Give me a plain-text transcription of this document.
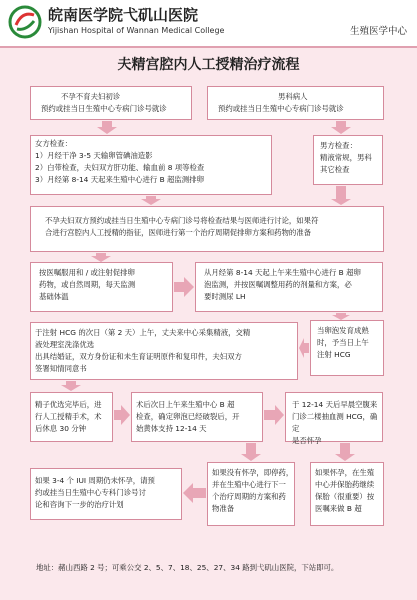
皖南医学院弋矶山医院
Yijishan Hospital of Wannan Medical College	生殖医学中心
夫精宫腔内人工授精治疗流程

不孕不育夫妇初诊

预约或挂当日生殖中心专病门诊号就诊

男科病人

预约或挂当日生殖中心专病门诊号就诊

女方检查：

1）月经干净 3-5 天输卵管碘油造影

2）白带检查，夫妇双方肝功能、输血前 8 项等检查

3）月经第 8-14 天起来生殖中心进行 B 超监测排卵

男方检查：

精液常规，男科

其它检查

不孕夫妇双方预约或挂当日生殖中心专病门诊号将检查结果与医师进行讨论，如果符

合进行宫腔内人工授精的指征，医师进行第一个治疗周期促排卵方案和药物的准备

按医嘱服用和 / 或注射促排卵

药物，或自然周期，每天监测

基础体温

从月经第 8-14 天起上午来生殖中心进行 B 超卵

泡监测，并按医嘱调整用药的剂量和方案，必

要时测尿 LH

于注射 HCG 的次日（第 2 天）上午，丈夫来中心采集精液，交精

液处理室洗涤优选

出具结婚证，双方身份证和未生育证明原件和复印件，夫妇双方

签署知情同意书

当卵泡发育成熟

时，予当日上午

注射 HCG

精子优选完毕后，进

行人工授精手术，术

后休息 30 分钟

术后次日上午来生殖中心 B 超

检查，确定卵泡已经破裂后，开

始黄体支持 12-14 天

于 12-14 天后早晨空腹来

门诊二楼抽血测 HCG，确定

是否怀孕

如果 3-4 个 IUI 周期仍未怀孕，请预

约或挂当日生殖中心专科门诊号讨

论和咨询下一步的治疗计划

如果没有怀孕，即停药，

并在生殖中心进行下一

个治疗周期的方案和药

物准备

如果怀孕，在生殖

中心并保胎药继续

保胎（很重要）按

医嘱来做 B 超

地址：赭山西路 2 号；可乘公交 2、5、7、18、25、27、34 路到弋矶山医院，下站即可。
